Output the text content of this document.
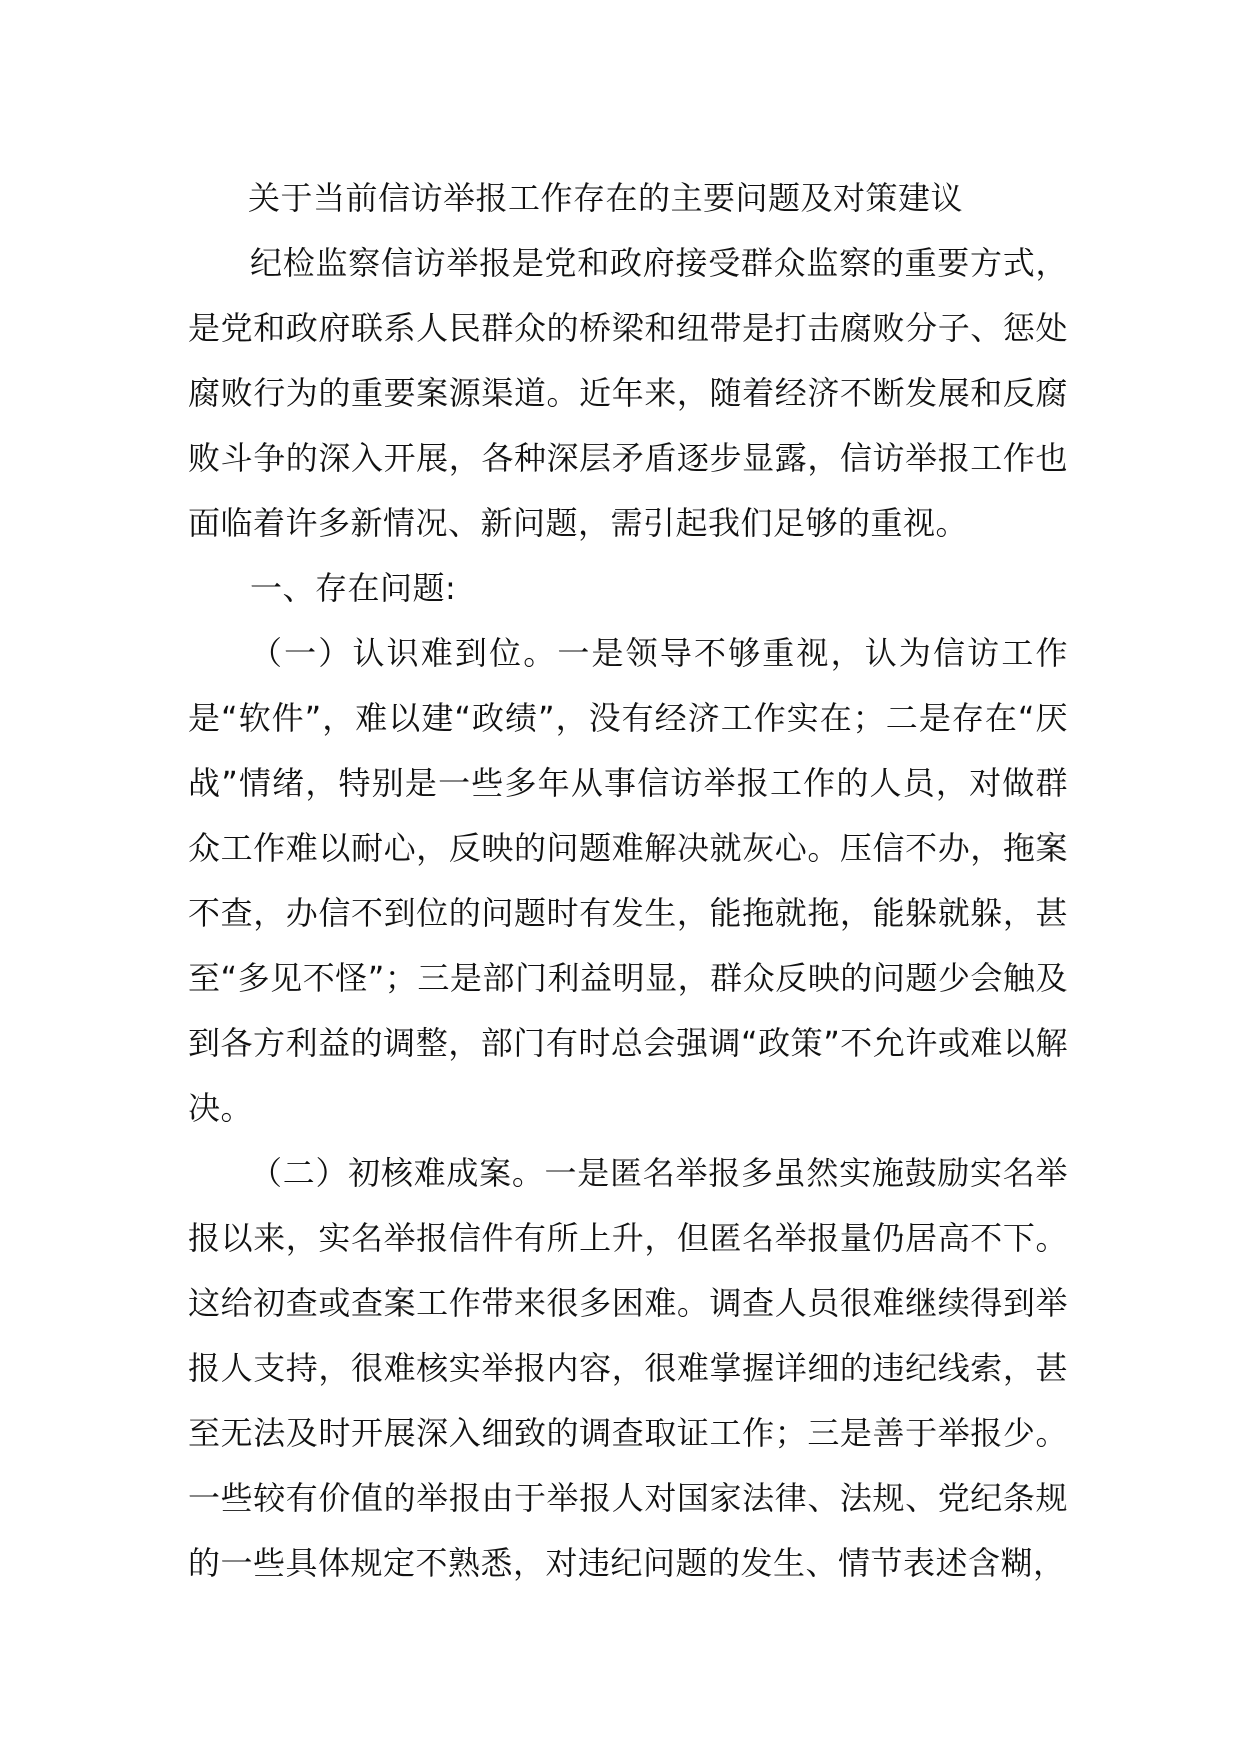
关于当前信访举报工作存在的主要问题及对策建议

纪检监察信访举报是党和政府接受群众监察的重要方式，是党和政府联系人民群众的桥梁和纽带是打击腐败分子、惩处腐败行为的重要案源渠道。近年来，随着经济不断发展和反腐败斗争的深入开展，各种深层矛盾逐步显露，信访举报工作也面临着许多新情况、新问题，需引起我们足够的重视。

一、存在问题:

（一）认识难到位。一是领导不够重视，认为信访工作是“软件”，难以建“政绩”，没有经济工作实在；二是存在“厌战”情绪，特别是一些多年从事信访举报工作的人员，对做群众工作难以耐心，反映的问题难解决就灰心。压信不办，拖案不查，办信不到位的问题时有发生，能拖就拖，能躲就躲，甚至“多见不怪”；三是部门利益明显，群众反映的问题少会触及到各方利益的调整，部门有时总会强调“政策”不允许或难以解决。

（二）初核难成案。一是匿名举报多虽然实施鼓励实名举报以来，实名举报信件有所上升，但匿名举报量仍居高不下。这给初查或查案工作带来很多困难。调查人员很难继续得到举报人支持，很难核实举报内容，很难掌握详细的违纪线索，甚至无法及时开展深入细致的调查取证工作；三是善于举报少。一些较有价值的举报由于举报人对国家法律、法规、党纪条规的一些具体规定不熟悉，对违纪问题的发生、情节表述含糊，
